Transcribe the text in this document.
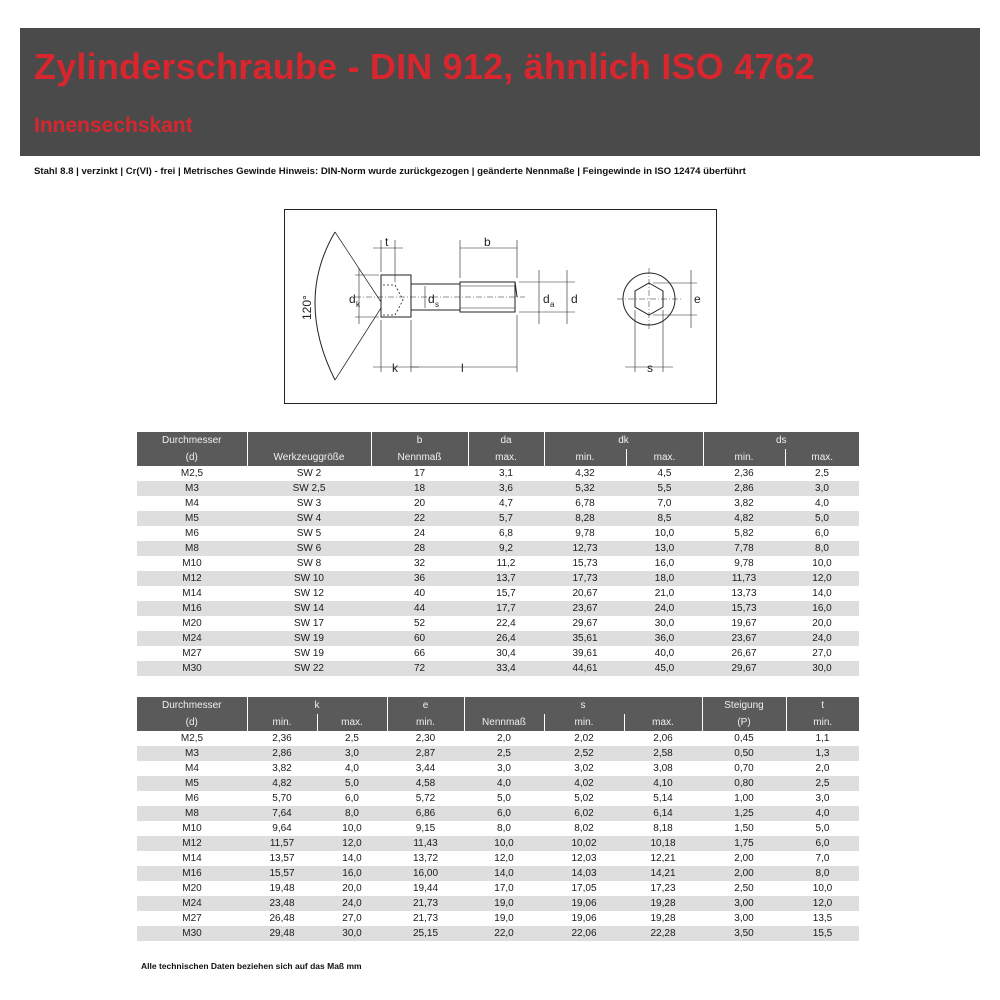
Zylinderschraube - DIN 912, ähnlich ISO 4762
Innensechskant
Stahl 8.8 | verzinkt | Cr(VI) - frei | Metrisches Gewinde Hinweis: DIN-Norm wurde zurückgezogen | geänderte Nennmaße | Feingewinde in ISO 12474 überführt
120°
t	b
d k	d s	d a d	e
k	l	s
Durchmesser		b	da	dk		ds	
(d)	Werkzeuggröße	Nennmaß	max.	min.	max.	min.	max.
M2,5	SW 2	17	3,1	4,32	4,5	2,36	2,5
M3	SW 2,5	18	3,6	5,32	5,5	2,86	3,0
M4	SW 3	20	4,7	6,78	7,0	3,82	4,0
M5	SW 4	22	5,7	8,28	8,5	4,82	5,0
M6	SW 5	24	6,8	9,78	10,0	5,82	6,0
M8	SW 6	28	9,2	12,73	13,0	7,78	8,0
M10	SW 8	32	11,2	15,73	16,0	9,78	10,0
M12	SW 10	36	13,7	17,73	18,0	11,73	12,0
M14	SW 12	40	15,7	20,67	21,0	13,73	14,0
M16	SW 14	44	17,7	23,67	24,0	15,73	16,0
M20	SW 17	52	22,4	29,67	30,0	19,67	20,0
M24	SW 19	60	26,4	35,61	36,0	23,67	24,0
M27	SW 19	66	30,4	39,61	40,0	26,67	27,0
M30	SW 22	72	33,4	44,61	45,0	29,67	30,0
Durchmesser	k		e	s			Steigung	t
(d)	min.	max.	min.	Nennmaß	min.	max.	(P)	min.
M2,5	2,36	2,5	2,30	2,0	2,02	2,06	0,45	1,1
M3	2,86	3,0	2,87	2,5	2,52	2,58	0,50	1,3
M4	3,82	4,0	3,44	3,0	3,02	3,08	0,70	2,0
M5	4,82	5,0	4,58	4,0	4,02	4,10	0,80	2,5
M6	5,70	6,0	5,72	5,0	5,02	5,14	1,00	3,0
M8	7,64	8,0	6,86	6,0	6,02	6,14	1,25	4,0
M10	9,64	10,0	9,15	8,0	8,02	8,18	1,50	5,0
M12	11,57	12,0	11,43	10,0	10,02	10,18	1,75	6,0
M14	13,57	14,0	13,72	12,0	12,03	12,21	2,00	7,0
M16	15,57	16,0	16,00	14,0	14,03	14,21	2,00	8,0
M20	19,48	20,0	19,44	17,0	17,05	17,23	2,50	10,0
M24	23,48	24,0	21,73	19,0	19,06	19,28	3,00	12,0
M27	26,48	27,0	21,73	19,0	19,06	19,28	3,00	13,5
M30	29,48	30,0	25,15	22,0	22,06	22,28	3,50	15,5
Alle technischen Daten beziehen sich auf das Maß mm
